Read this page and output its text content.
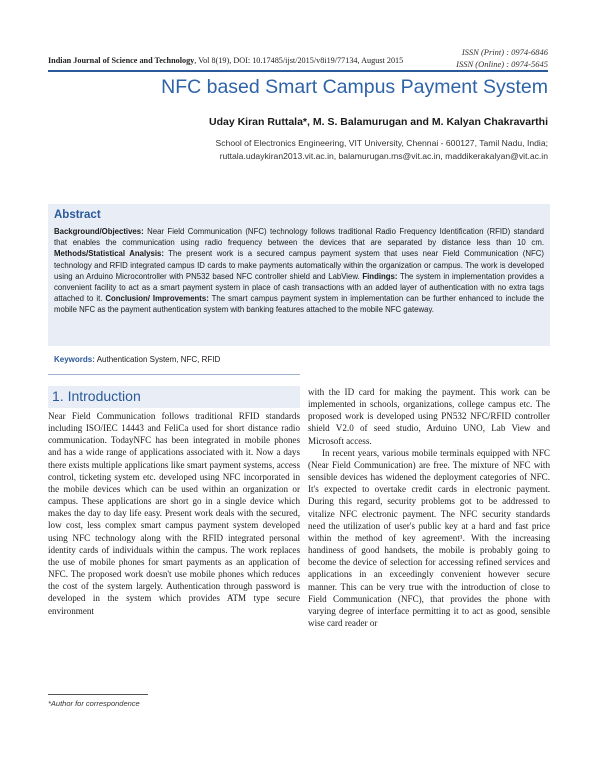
ISSN (Print) : 0974-6846
ISSN (Online) : 0974-5645
Indian Journal of Science and Technology, Vol 8(19), DOI: 10.17485/ijst/2015/v8i19/77134, August 2015
NFC based Smart Campus Payment System
Uday Kiran Ruttala*, M. S. Balamurugan and M. Kalyan Chakravarthi
School of Electronics Engineering, VIT University, Chennai - 600127, Tamil Nadu, India;
ruttala.udaykiran2013.vit.ac.in, balamurugan.ms@vit.ac.in, maddikerakalyan@vit.ac.in
Abstract
Background/Objectives: Near Field Communication (NFC) technology follows traditional Radio Frequency Identification (RFID) standard that enables the communication using radio frequency between the devices that are separated by distance less than 10 cm. Methods/Statistical Analysis: The present work is a secured campus payment system that uses near Field Communication (NFC) technology and RFID integrated campus ID cards to make payments automatically within the organization or campus. The work is developed using an Arduino Microcontroller with PN532 based NFC controller shield and LabView. Findings: The system in implementation provides a convenient facility to act as a smart payment system in place of cash transactions with an added layer of authentication with no extra tags attached to it. Conclusion/ Improvements: The smart campus payment system in implementation can be further enhanced to include the mobile NFC as the payment authentication system with banking features attached to the mobile NFC gateway.
Keywords: Authentication System, NFC, RFID
1. Introduction

Near Field Communication follows traditional RFID standards including ISO/IEC 14443 and FeliCa used for short distance radio communication. TodayNFC has been integrated in mobile phones and has a wide range of applications associated with it. Now a days there exists multiple applications like smart payment systems, access control, ticketing system etc. developed using NFC incorporated in the mobile devices which can be used within an organization or campus. These applications are short go in a single device which makes the day to day life easy. Present work deals with the secured, low cost, less complex smart campus payment system developed using NFC technology along with the RFID integrated personal identity cards of individuals within the campus. The work replaces the use of mobile phones for smart payments as an application of NFC. The proposed work doesn't use mobile phones which reduces the cost of the system largely. Authentication through password is developed in the system which provides ATM type secure environment

with the ID card for making the payment. This work can be implemented in schools, organizations, college campus etc. The proposed work is developed using PN532 NFC/RFID controller shield V2.0 of seed studio, Arduino UNO, Lab View and Microsoft access.

In recent years, various mobile terminals equipped with NFC (Near Field Communication) are free. The mixture of NFC with sensible devices has widened the deployment categories of NFC. It's expected to overtake credit cards in electronic payment. During this regard, security problems got to be addressed to vitalize NFC electronic payment. The NFC security standards need the utilization of user's public key at a hard and fast price within the method of key agreement¹. With the increasing handiness of good handsets, the mobile is probably going to become the device of selection for accessing refined services and applications in an exceedingly convenient however secure manner. This can be very true with the introduction of close to Field Communication (NFC), that provides the phone with varying degree of interface permitting it to act as good, sensible wise card reader or

*Author for correspondence
